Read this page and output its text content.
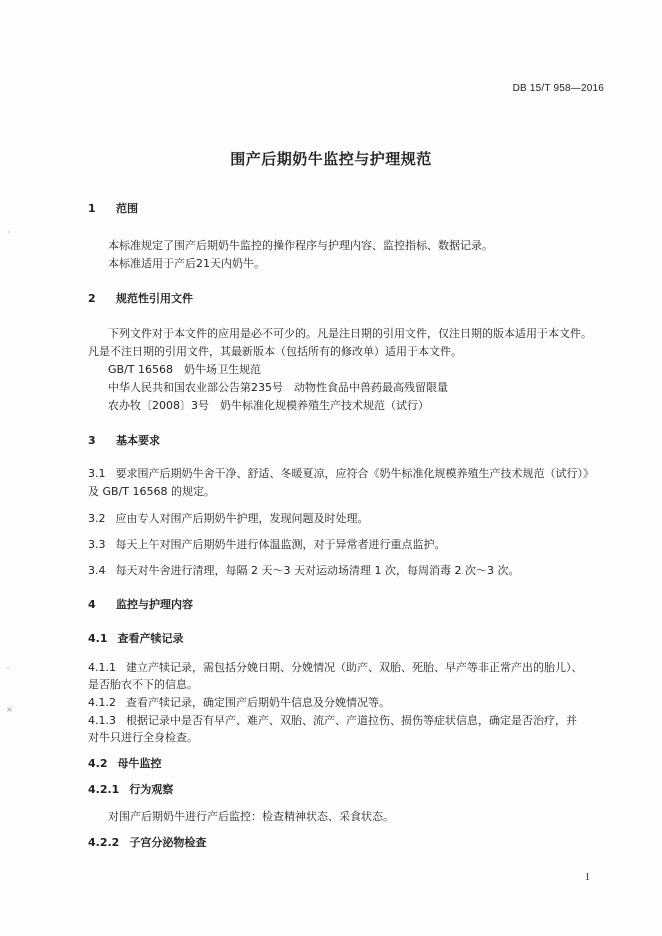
DB 15/T 958—2016
围产后期奶牛监控与护理规范
1 范围
本标准规定了围产后期奶牛监控的操作程序与护理内容、监控指标、数据记录。
本标准适用于产后21天内奶牛。
2 规范性引用文件
下列文件对于本文件的应用是必不可少的。凡是注日期的引用文件，仅注日期的版本适用于本文件。
凡是不注日期的引用文件，其最新版本（包括所有的修改单）适用于本文件。
GB/T 16568　奶牛场卫生规范
中华人民共和国农业部公告第235号　动物性食品中兽药最高残留限量
农办牧〔2008〕3号　奶牛标准化规模养殖生产技术规范（试行）
3 基本要求
3.1 要求围产后期奶牛舍干净、舒适、冬暖夏凉，应符合《奶牛标准化规模养殖生产技术规范（试行）》
及 GB/T 16568 的规定。
3.2 应由专人对围产后期奶牛护理，发现问题及时处理。
3.3 每天上午对围产后期奶牛进行体温监测，对于异常者进行重点监护。
3.4 每天对牛舍进行清理，每隔 2 天～3 天对运动场清理 1 次，每周消毒 2 次～3 次。
4 监控与护理内容
4.1 查看产犊记录
4.1.1 建立产犊记录，需包括分娩日期、分娩情况（助产、双胎、死胎、早产等非正常产出的胎儿）、
是否胎衣不下的信息。
4.1.2 查看产犊记录，确定围产后期奶牛信息及分娩情况等。
4.1.3 根据记录中是否有早产、难产、双胎、流产、产道拉伤、损伤等症状信息，确定是否治疗，并
对牛只进行全身检查。
4.2 母牛监控
4.2.1 行为观察
对围产后期奶牛进行产后监控：检查精神状态、采食状态。
4.2.2 子宫分泌物检查
1
ˈ
◦
×
